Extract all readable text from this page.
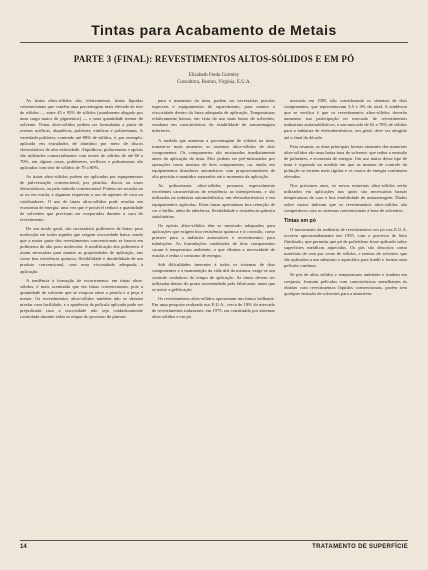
Tintas para Acabamento de Metais
PARTE 3 (FINAL): REVESTIMENTOS ALTOS-SÓLIDOS E EM PÓ
Elizabeth Freda Gormley
Consultora, Boston, Virgínia, E.U.A.

As tintas altos-sólidos são, efetivamente, tintas líquidas convencionais que contêm uma porcentagem mais elevada de teor de sólidos — entre 45 e 95% de sólidos (usualmente alegado por uma carga maior de pigmentos) — e uma quantidade menor de solvente. Tintas altos-sólidos podem ser formuladas a partir de resinas acrílicas, alquídicas, poliéster, vinílicas e poliuretanas. A variedade poliéster, contendo até 80% de sólidos, é, por exemplo, aplicada em extrudados de alumínio por meio de discos eletrostáticos de alta velocidade. Alquídicos, poliuretanas e epóxis são utilizados comercialmente com teores de sólidos de até 60 a 70%, em alguns casos, poliésteres, acrílicos e poliuretanas são aplicados com teor de sólidos de 70 a 80%.

As tintas altos-sólidos podem ser aplicadas por equipamentos de pulverização convencional, por pistolas, discos ou sinos eletrostáticos, ou pelo método convencional. Podem ser secadas ao ar ou em estufa, e algumas requerem o uso de agentes de cura ou catalisadores. O uso de tintas altos-sólidos pode resultar em economia de energia, uma vez que é possível reduzir a quantidade de solventes que precisam ser evaporados durante a cura do revestimento.

De um modo geral, são necessários polímeros de baixo peso molecular em todos aqueles que exigem viscosidade baixa, sendo que a maior parte dos revestimentos convencionais se baseia em polímeros de alto peso molecular. A modificação dos polímeros é assim necessária para manter as propriedades de aplicação, tais como boa resistência química, flexibilidade e durabilidade de um produto convencional, com uma viscosidade adequada à aplicação.

A tendência à formação de escorrimento, em tintas altos-sólidos, é mais acentuada que em tintas convencionais, pois a quantidade de solvente que se evapora entre a pistola e a peça é menor. Os revestimentos altos-sólidos também não se deixam nivelar com facilidade, e a aparência da película aplicada pode ser prejudicada caso a viscosidade não seja cuidadosamente controlada durante todas as etapas do processo de pintura.

para o manuseio da tinta, podem ser necessárias pistolas especiais e equipamentos de aquecimento, para manter a viscosidade dentro da faixa adequada de aplicação. Temperaturas relativamente baixas, em vista do uso mais baixo de solventes, resultam em características de estabilidade de armazenagem inferiores.

A medida que aumenta a porcentagem de sólidos na tinta, tornam-se mais atraentes os sistemas altos-sólidos de dois componentes. Os componentes são misturados imediatamente antes da aplicação da tinta. Eles podem ser pré-misturados por operações como mistura de dois componentes, ou, ainda, em equipamentos dosadores automáticos com proporcionadores de alta precisão e mantidos separados até o momento da aplicação.

As poliuretanas altos-sólidos possuem especialmente excelentes características de resistência ao intemperismo, e são utilizadas na indústria automobilística, em eletrodomésticos e em equipamentos agrícolas. Estas tintas apresentam boa retenção de cor e brilho, além de aderência, flexibilidade e resistência química satisfatórias.

Os epóxis altos-sólidos têm se mostrado adequados para aplicações que exigem boa resistência química e à corrosão, como primers para a indústria automotiva e revestimentos para tubulações. As formulações catalisadas de dois componentes curam à temperatura ambiente, o que elimina a necessidade de estufas e reduz o consumo de energia.

Sob dificuldades inerentes à todos os sistemas de dois componentes e a manutenção da vida útil da mistura, exige-se um controle cuidadoso do tempo de aplicação. As tintas devem ser utilizadas dentro do prazo recomendado pelo fabricante, antes que se inicie a gelificação.

Os revestimentos altos-sólidos apresentam um futuro brilhante. Em uma pesquisa realizada nos E.U.A., cerca de 18% do mercado de revestimentos industriais, em 1975, era constituído por sistemas altos-sólidos e em pó.

mercado em 1985, não considerando os sistemas de dois componentes, que representavam 3,5 e 4% do total. A tendência que se verifica é que os revestimentos altos-sólidos deverão aumentar sua participação no mercado de revestimentos industriais automobilísticos, e um mercado de 62 a 70% de sólidos para a indústria de eletrodomésticos, em geral, deve ser atingido até o final da década.

Para resumir, as duas principais facetas atraentes dos materiais altos-sólidos são uma baixa taxa de solvente, que reduz a emissão de poluentes, e economia de energia. Um uso maior desse tipo de tinta é esperado na medida em que as normas de controle da poluição se tornem mais rígidas e os custos de energia continuem elevados.

Nos próximos anos, os novos materiais altos-sólidos serão utilizados em aplicações nas quais são necessárias baixas temperaturas de cura e boa estabilidade de armazenagem. Dados sobre custos indicam que os revestimentos altos-sólidos são competitivos com os sistemas convencionais à base de solventes.

Tintas em pó

O nascimento da indústria de revestimentos em pó nos E.U.A. ocorreu aproximadamente em 1955, com o processo de leito fluidizado, que permitiu que pó de polietileno fosse aplicado sobre superfícies metálicas aquecidas. Os pós são descritos como materiais de cem por cento de sólidos, e isentos de solvente, que são aplicados a um substrato e aquecidos para fundir e formar uma película contínua.

Se pós de altos sólidos e temperaturas ambiente e fundem em conjunto, formam películas com características semelhantes às obtidas com revestimentos líquidos convencionais, porém sem qualquer emissão de solventes para a atmosfera.

14	TRATAMENTO DE SUPERFÍCIE
